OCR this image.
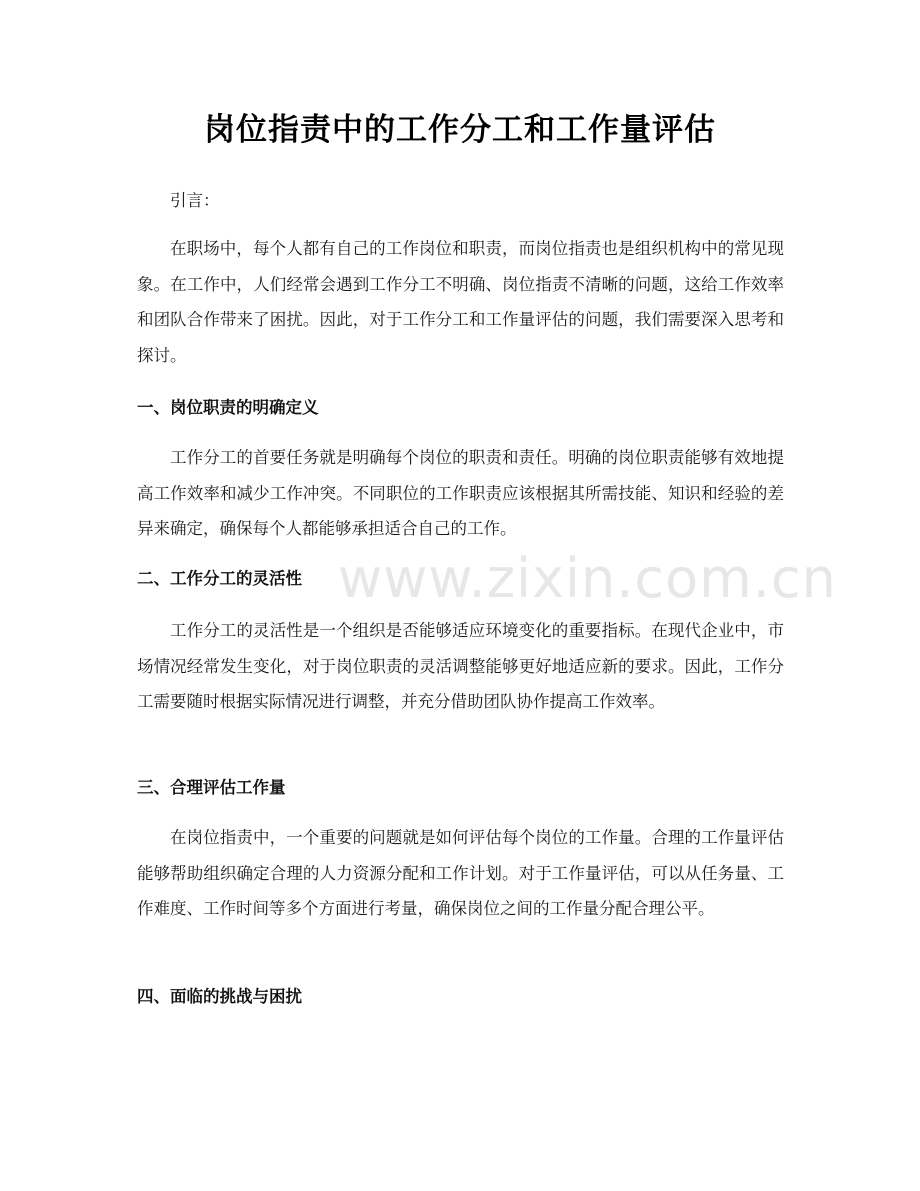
岗位指责中的工作分工和工作量评估
引言：

在职场中，每个人都有自己的工作岗位和职责，而岗位指责也是组织机构中的常见现象。在工作中，人们经常会遇到工作分工不明确、岗位指责不清晰的问题，这给工作效率和团队合作带来了困扰。因此，对于工作分工和工作量评估的问题，我们需要深入思考和探讨。

一、岗位职责的明确定义

工作分工的首要任务就是明确每个岗位的职责和责任。明确的岗位职责能够有效地提高工作效率和减少工作冲突。不同职位的工作职责应该根据其所需技能、知识和经验的差异来确定，确保每个人都能够承担适合自己的工作。

二、工作分工的灵活性

工作分工的灵活性是一个组织是否能够适应环境变化的重要指标。在现代企业中，市场情况经常发生变化，对于岗位职责的灵活调整能够更好地适应新的要求。因此，工作分工需要随时根据实际情况进行调整，并充分借助团队协作提高工作效率。

三、合理评估工作量

在岗位指责中，一个重要的问题就是如何评估每个岗位的工作量。合理的工作量评估能够帮助组织确定合理的人力资源分配和工作计划。对于工作量评估，可以从任务量、工作难度、工作时间等多个方面进行考量，确保岗位之间的工作量分配合理公平。

四、面临的挑战与困扰
www.zixin.com.cn
